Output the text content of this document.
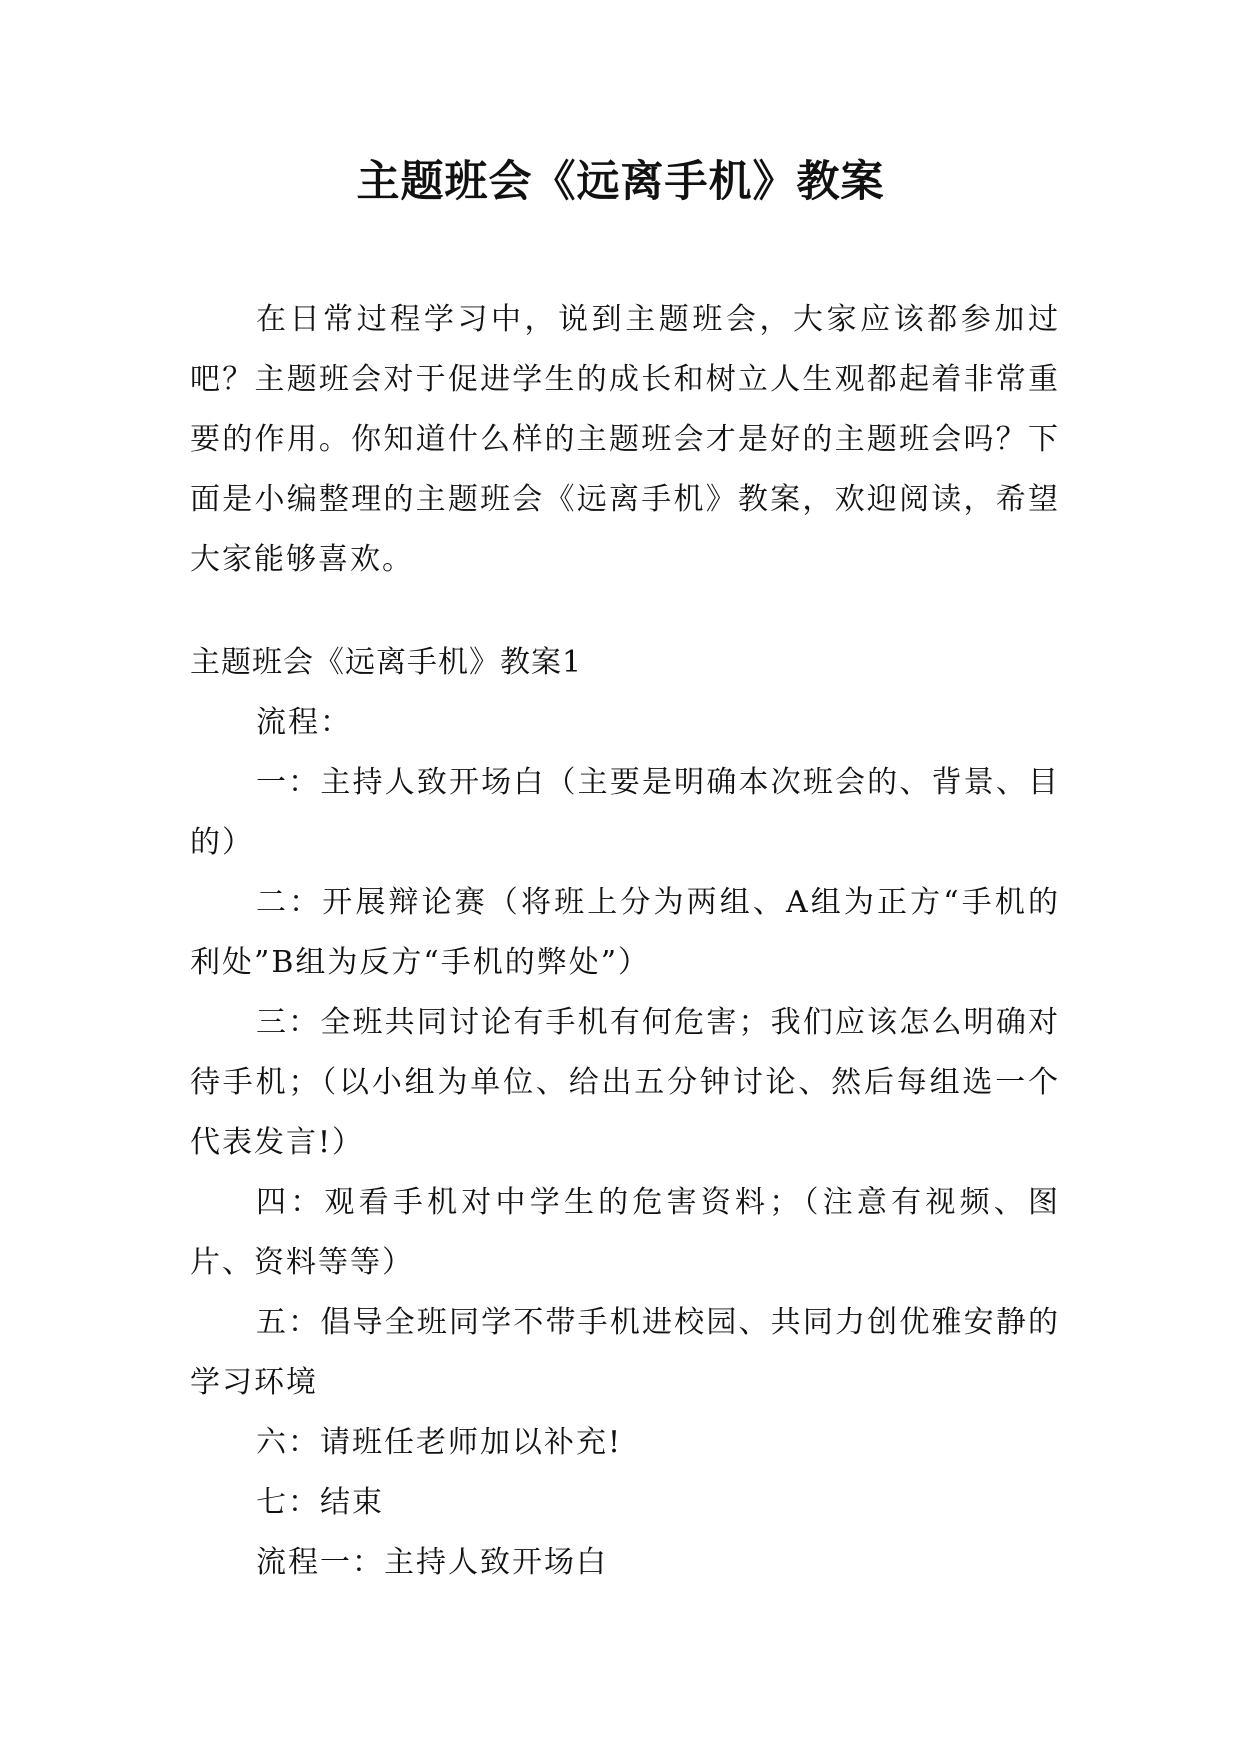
主题班会《远离手机》教案

在日常过程学习中，说到主题班会，大家应该都参加过吧？主题班会对于促进学生的成长和树立人生观都起着非常重要的作用。你知道什么样的主题班会才是好的主题班会吗？下面是小编整理的主题班会《远离手机》教案，欢迎阅读，希望大家能够喜欢。

主题班会《远离手机》教案1

流程：

一：主持人致开场白（主要是明确本次班会的、背景、目的）

二：开展辩论赛（将班上分为两组、A组为正方“手机的利处”B组为反方“手机的弊处”）

三：全班共同讨论有手机有何危害；我们应该怎么明确对待手机；（以小组为单位、给出五分钟讨论、然后每组选一个代表发言!）

四：观看手机对中学生的危害资料；（注意有视频、图片、资料等等）

五：倡导全班同学不带手机进校园、共同力创优雅安静的学习环境

六：请班任老师加以补充!

七：结束

流程一：主持人致开场白
